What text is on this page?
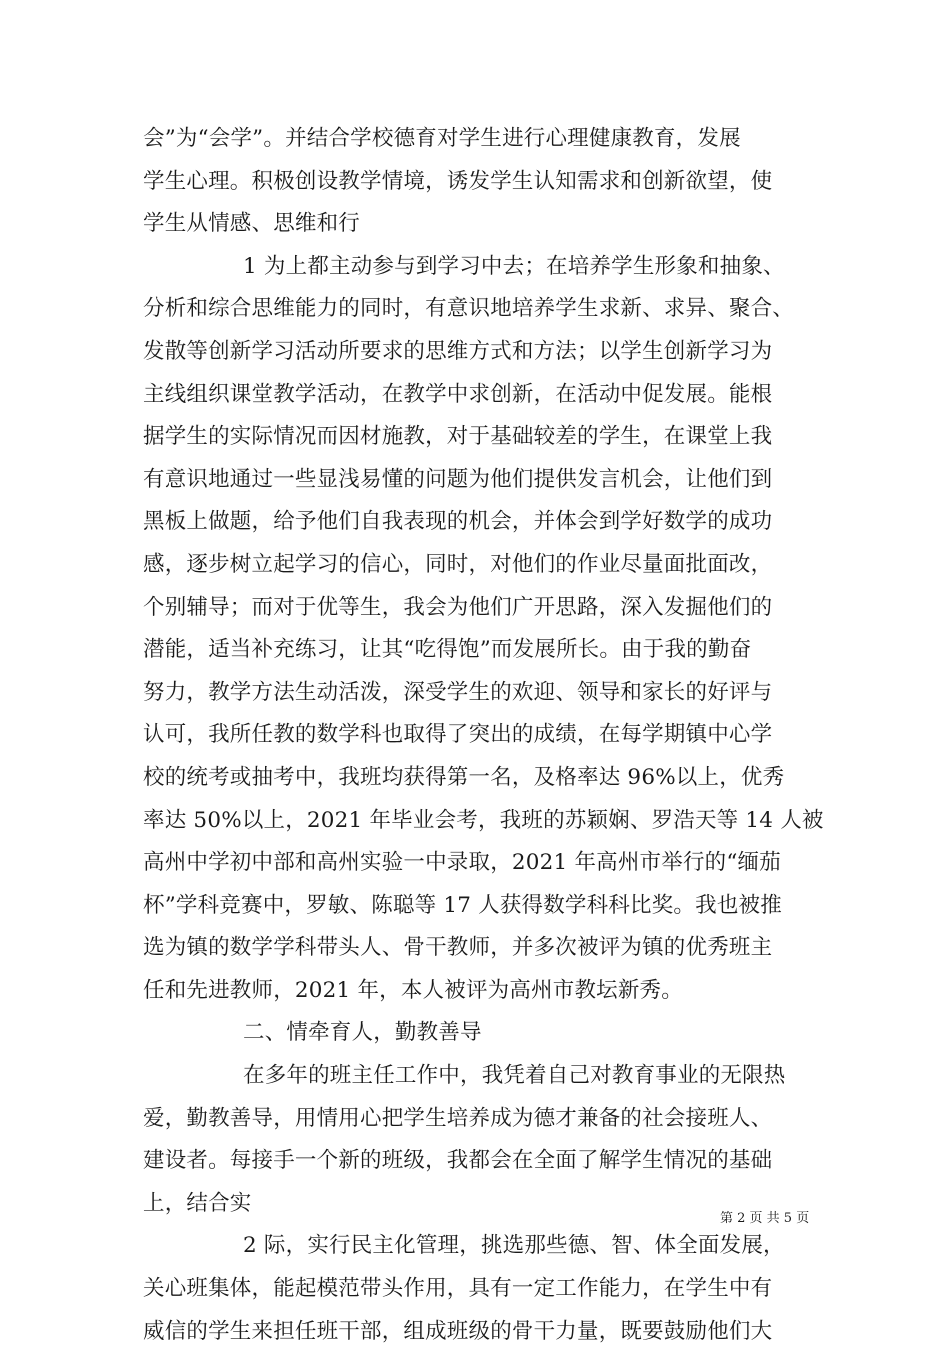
会”为“会学”。并结合学校德育对学生进行心理健康教育，发展
学生心理。积极创设教学情境，诱发学生认知需求和创新欲望，使
学生从情感、思维和行
1 为上都主动参与到学习中去；在培养学生形象和抽象、
分析和综合思维能力的同时，有意识地培养学生求新、求异、聚合、
发散等创新学习活动所要求的思维方式和方法；以学生创新学习为
主线组织课堂教学活动，在教学中求创新，在活动中促发展。能根
据学生的实际情况而因材施教，对于基础较差的学生，在课堂上我
有意识地通过一些显浅易懂的问题为他们提供发言机会，让他们到
黑板上做题，给予他们自我表现的机会，并体会到学好数学的成功
感，逐步树立起学习的信心，同时，对他们的作业尽量面批面改，
个别辅导；而对于优等生，我会为他们广开思路，深入发掘他们的
潜能，适当补充练习，让其“吃得饱”而发展所长。由于我的勤奋
努力，教学方法生动活泼，深受学生的欢迎、领导和家长的好评与
认可，我所任教的数学科也取得了突出的成绩，在每学期镇中心学
校的统考或抽考中，我班均获得第一名，及格率达 96%以上，优秀
率达 50%以上，2021 年毕业会考，我班的苏颖娴、罗浩天等 14 人被
高州中学初中部和高州实验一中录取，2021 年高州市举行的“缅茄
杯”学科竞赛中，罗敏、陈聪等 17 人获得数学科科比奖。我也被推
选为镇的数学学科带头人、骨干教师，并多次被评为镇的优秀班主
任和先进教师，2021 年，本人被评为高州市教坛新秀。
二、情牵育人，勤教善导
在多年的班主任工作中，我凭着自己对教育事业的无限热
爱，勤教善导，用情用心把学生培养成为德才兼备的社会接班人、
建设者。每接手一个新的班级，我都会在全面了解学生情况的基础
上，结合实
2 际，实行民主化管理，挑选那些德、智、体全面发展，
关心班集体，能起模范带头作用，具有一定工作能力，在学生中有
威信的学生来担任班干部，组成班级的骨干力量，既要鼓励他们大
第 2 页 共 5 页
